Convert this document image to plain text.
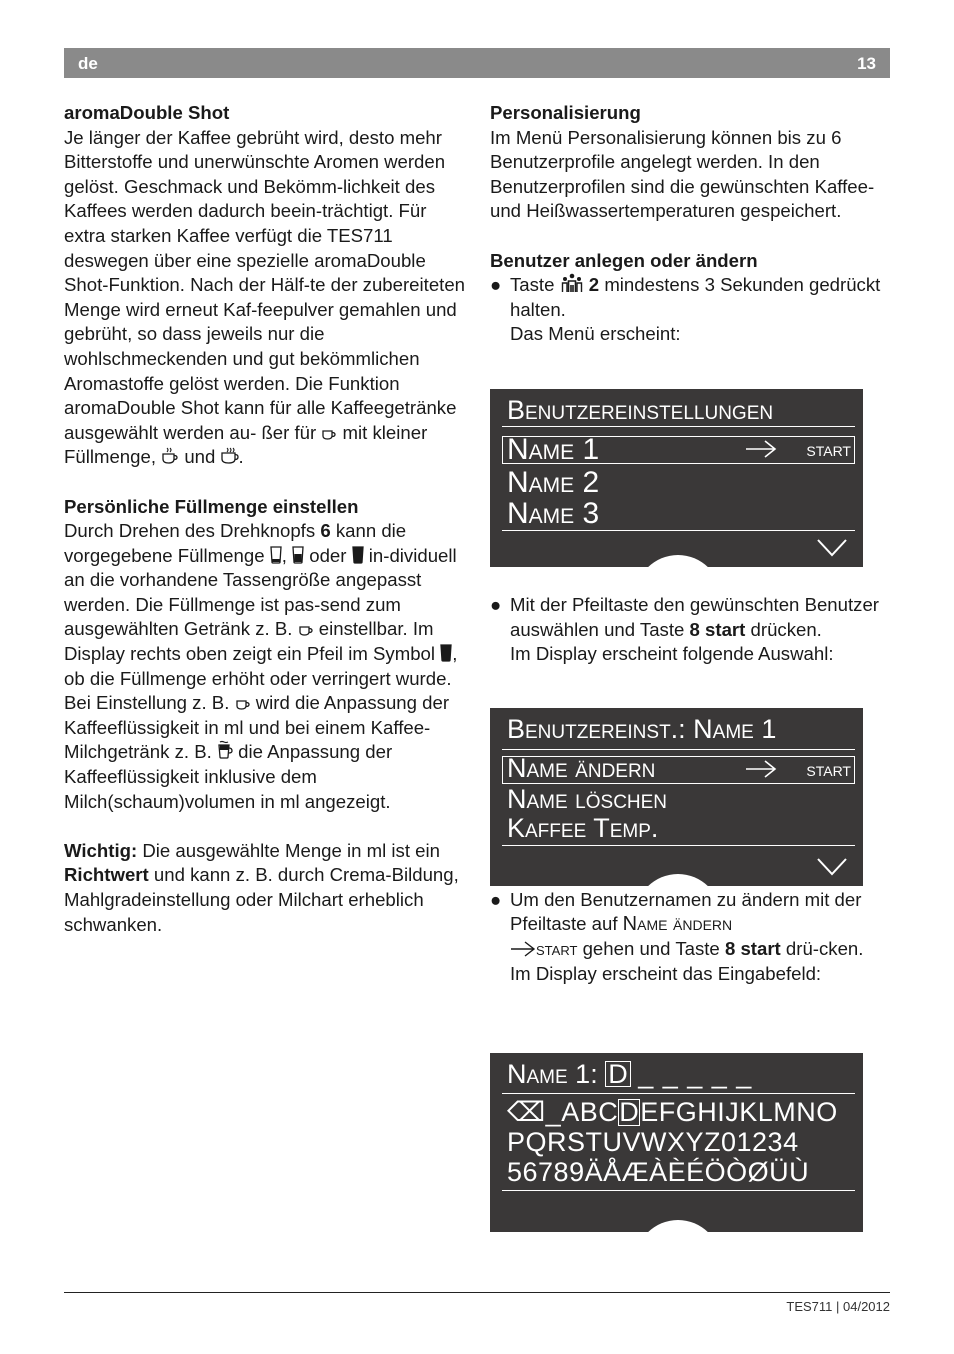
de	13

aromaDouble Shot

Je länger der Kaffee gebrüht wird, desto mehr Bitterstoffe und unerwünschte Aromen werden gelöst. Geschmack und Bekömm-lichkeit des Kaffees werden dadurch beein-trächtigt. Für extra starken Kaffee verfügt die TES711 deswegen über eine spezielle aromaDouble Shot-Funktion. Nach der Hälf-te der zubereiteten Menge wird erneut Kaf-feepulver gemahlen und gebrüht, so dass jeweils nur die wohlschmeckenden und gut bekömmlichen Aromastoffe gelöst werden. Die Funktion aromaDouble Shot kann für alle Kaffeegetränke ausgewählt werden au- ßer für mit kleiner Füllmenge, und .

Persönliche Füllmenge einstellen

Durch Drehen des Drehknopfs 6 kann die vorgegebene Füllmenge , oder in-dividuell an die vorhandene Tassengröße angepasst werden. Die Füllmenge ist pas-send zum ausgewählten Getränk z. B. einstellbar. Im Display rechts oben zeigt ein Pfeil im Symbol , ob die Füllmenge erhöht oder verringert wurde. Bei Einstellung z. B. wird die Anpassung der Kaffeeflüssigkeit in ml und bei einem Kaffee-Milchgetränk z. B. die Anpassung der Kaffeeflüssigkeit inklusive dem Milch(schaum)volumen in ml angezeigt.

Wichtig: Die ausgewählte Menge in ml ist ein Richtwert und kann z. B. durch Crema-Bildung, Mahlgradeinstellung oder Milchart erheblich schwanken.

Personalisierung

Im Menü Personalisierung können bis zu 6 Benutzerprofile angelegt werden. In den Benutzerprofilen sind die gewünschten Kaffee- und Heißwassertemperaturen gespeichert.

Benutzer anlegen oder ändern

● Taste 2 mindestens 3 Sekunden gedrückt halten.
Das Menü erscheint:
● Mit der Pfeiltaste den gewünschten Benutzer auswählen und Taste 8 start drücken.
Im Display erscheint folgende Auswahl:
● Um den Benutzernamen zu ändern mit der Pfeiltaste auf Name ändern
start gehen und Taste 8 start drü-cken.
Im Display erscheint das Eingabefeld:
Benutzereinstellungen
Name 1	start
Name 2
Name 3
Benutzereinst.: Name 1
Name ändern	start
Name löschen
Kaffee Temp.
Name 1: D _ _ _ _ _
⌫_ABCDEFGHIJKLMNO
PQRSTUVWXYZ01234
56789ÄÅÆÀÈÉÖÒØÜÙ
TES711 | 04/2012
